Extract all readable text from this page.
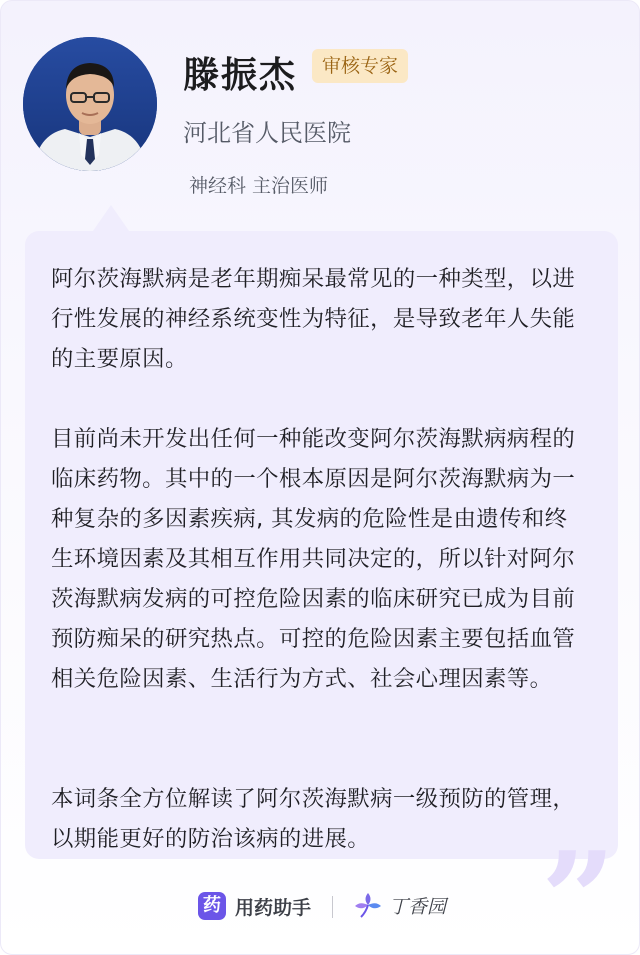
滕振杰	审核专家
河北省人民医院
神经科 主治医师

阿尔茨海默病是老年期痴呆最常见的一种类型，以进行性发展的神经系统变性为特征，是导致老年人失能的主要原因。

目前尚未开发出任何一种能改变阿尔茨海默病病程的临床药物。其中的一个根本原因是阿尔茨海默病为一种复杂的多因素疾病, 其发病的危险性是由遗传和终生环境因素及其相互作用共同决定的，所以针对阿尔茨海默病发病的可控危险因素的临床研究已成为目前预防痴呆的研究热点。可控的危险因素主要包括血管相关危险因素、生活行为方式、社会心理因素等。

本词条全方位解读了阿尔茨海默病一级预防的管理，以期能更好的防治该病的进展。	”
药 用药助手	丁香园
